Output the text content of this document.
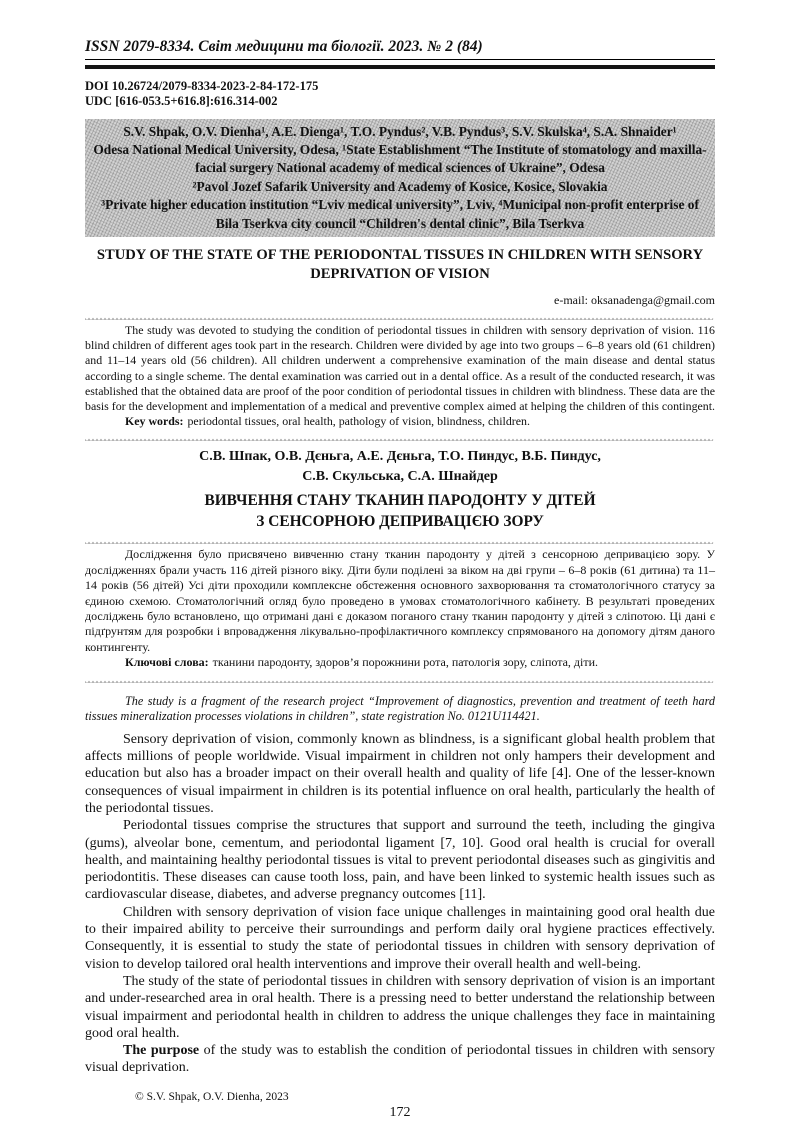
ISSN 2079-8334. Світ медицини та біології. 2023. № 2 (84)
DOI 10.26724/2079-8334-2023-2-84-172-175
UDC [616-053.5+616.8]:616.314-002
S.V. Shpak, O.V. Dienha¹, A.E. Dienga¹, T.O. Pyndus², V.B. Pyndus³, S.V. Skulska⁴, S.A. Shnaider¹
Odesa National Medical University, Odesa, ¹State Establishment “The Institute of stomatology and maxilla-facial surgery National academy of medical sciences of Ukraine”, Odesa
²Pavol Jozef Safarik University and Academy of Kosice, Kosice, Slovakia
³Private higher education institution “Lviv medical university”, Lviv, ⁴Municipal non-profit enterprise of Bila Tserkva city council “Children's dental clinic”, Bila Tserkva
STUDY OF THE STATE OF THE PERIODONTAL TISSUES IN CHILDREN WITH SENSORY DEPRIVATION OF VISION
e-mail: oksanadenga@gmail.com
The study was devoted to studying the condition of periodontal tissues in children with sensory deprivation of vision. 116 blind children of different ages took part in the research. Children were divided by age into two groups – 6–8 years old (61 children) and 11–14 years old (56 children). All children underwent a comprehensive examination of the main disease and dental status according to a single scheme. The dental examination was carried out in a dental office. As a result of the conducted research, it was established that the obtained data are proof of the poor condition of periodontal tissues in children with blindness. These data are the basis for the development and implementation of a medical and preventive complex aimed at helping the children of this contingent.
Key words: periodontal tissues, oral health, pathology of vision, blindness, children.
С.В. Шпак, О.В. Дєньга, А.Е. Дєньга, Т.О. Пиндус, В.Б. Пиндус,
С.В. Скульська, С.А. Шнайдер
ВИВЧЕННЯ СТАНУ ТКАНИН ПАРОДОНТУ У ДІТЕЙ
З СЕНСОРНОЮ ДЕПРИВАЦІЄЮ ЗОРУ
Дослідження було присвячено вивченню стану тканин пародонту у дітей з сенсорною депривацією зору. У дослідженнях брали участь 116 дітей різного віку. Діти були поділені за віком на дві групи – 6–8 років (61 дитина) та 11–14 років (56 дітей) Усі діти проходили комплексне обстеження основного захворювання та стоматологічного статусу за єдиною схемою. Стоматологічний огляд було проведено в умовах стоматологічного кабінету. В результаті проведених досліджень було встановлено, що отримані дані є доказом поганого стану тканин пародонту у дітей з сліпотою. Ці дані є підґрунтям для розробки і впровадження лікувально-профілактичного комплексу спрямованого на допомогу дітям даного контингенту.
Ключові слова: тканини пародонту, здоров’я порожнини рота, патологія зору, сліпота, діти.
The study is a fragment of the research project “Improvement of diagnostics, prevention and treatment of teeth hard tissues mineralization processes violations in children”, state registration No. 0121U114421.

Sensory deprivation of vision, commonly known as blindness, is a significant global health problem that affects millions of people worldwide. Visual impairment in children not only hampers their development and education but also has a broader impact on their overall health and quality of life [4]. One of the lesser-known consequences of visual impairment in children is its potential influence on oral health, particularly the health of the periodontal tissues.

Periodontal tissues comprise the structures that support and surround the teeth, including the gingiva (gums), alveolar bone, cementum, and periodontal ligament [7, 10]. Good oral health is crucial for overall health, and maintaining healthy periodontal tissues is vital to prevent periodontal diseases such as gingivitis and periodontitis. These diseases can cause tooth loss, pain, and have been linked to systemic health issues such as cardiovascular disease, diabetes, and adverse pregnancy outcomes [11].

Children with sensory deprivation of vision face unique challenges in maintaining good oral health due to their impaired ability to perceive their surroundings and perform daily oral hygiene practices effectively. Consequently, it is essential to study the state of periodontal tissues in children with sensory deprivation of vision to develop tailored oral health interventions and improve their overall health and well-being.

The study of the state of periodontal tissues in children with sensory deprivation of vision is an important and under-researched area in oral health. There is a pressing need to better understand the relationship between visual impairment and periodontal health in children to address the unique challenges they face in maintaining good oral health.

The purpose of the study was to establish the condition of periodontal tissues in children with sensory visual deprivation.

© S.V. Shpak, O.V. Dienha, 2023
172
